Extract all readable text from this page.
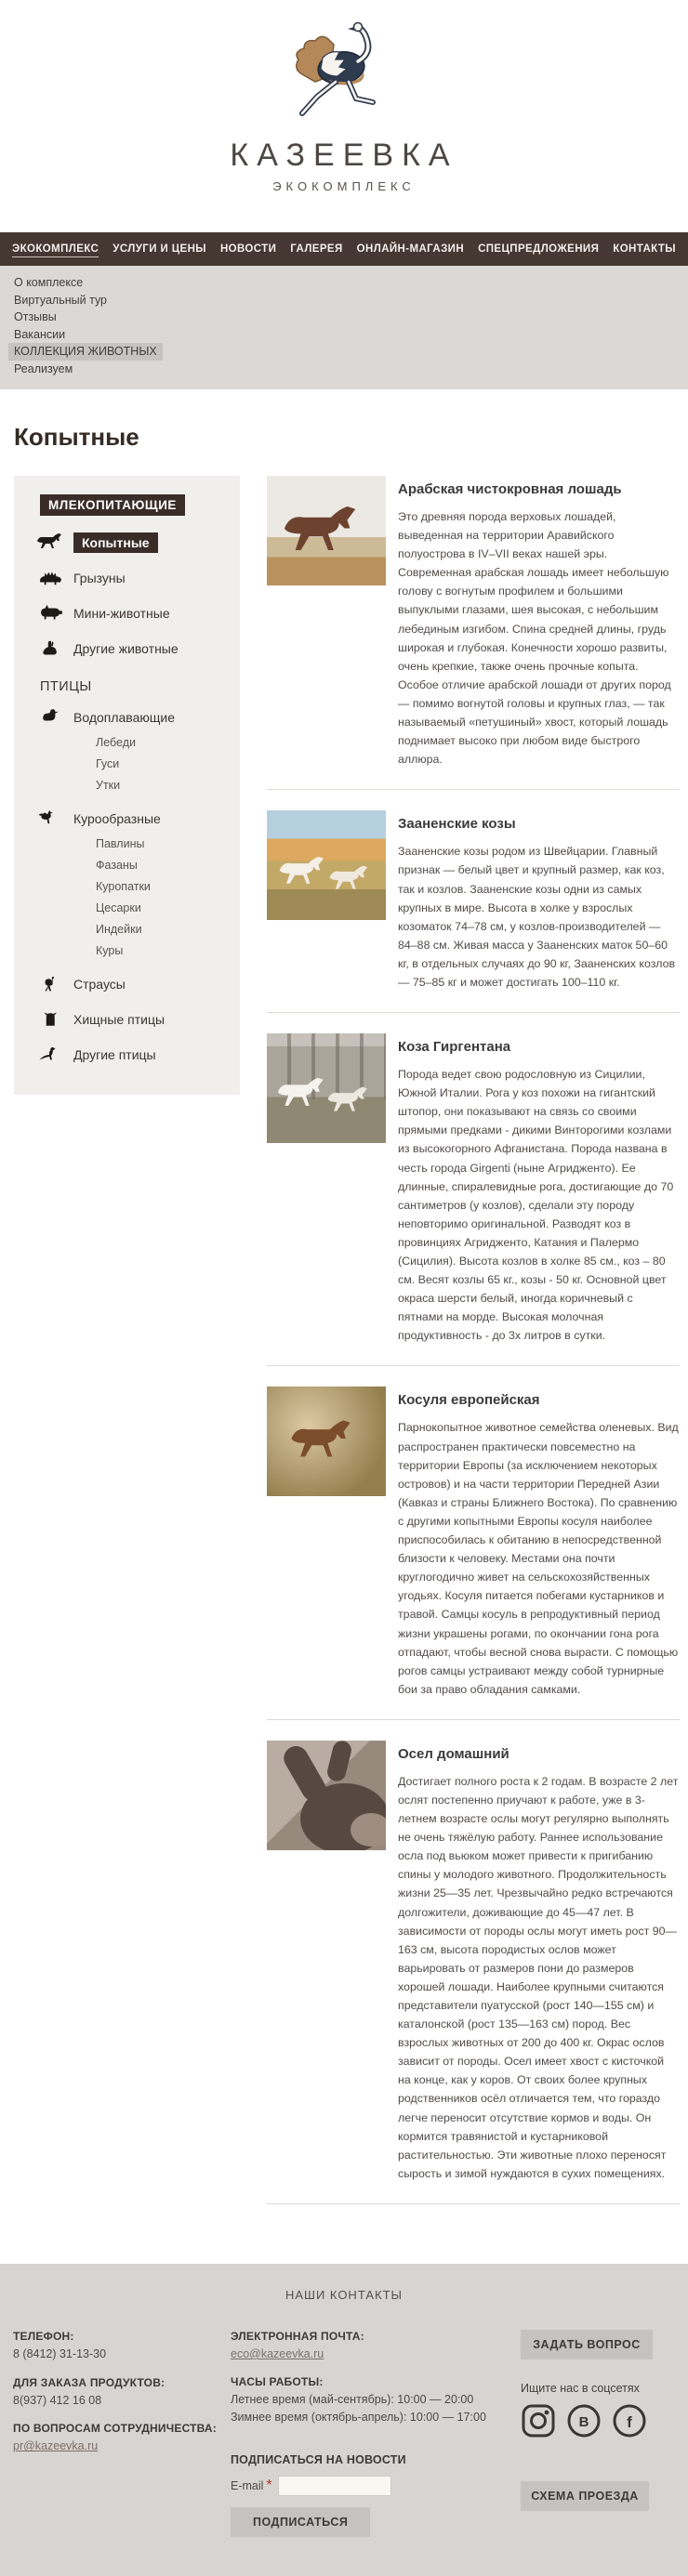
КАЗЕЕВКА
ЭКОКОМПЛЕКС
ЭКОКОМПЛЕКС УСЛУГИ И ЦЕНЫ НОВОСТИ ГАЛЕРЕЯ ОНЛАЙН-МАГАЗИН СПЕЦПРЕДЛОЖЕНИЯ КОНТАКТЫ
О комплексе
Виртуальный тур
Отзывы
Вакансии
КОЛЛЕКЦИЯ ЖИВОТНЫХ
Реализуем
Копытные
МЛЕКОПИТАЮЩИЕ
Копытные
Грызуны
Мини-животные
Другие животные
ПТИЦЫ
Водоплавающие
Лебеди
Гуси
Утки
Курообразные
Павлины
Фазаны
Куропатки
Цесарки
Индейки
Куры
Страусы
Хищные птицы
Другие птицы
Арабская чистокровная лошадь

Это древняя порода верховых лошадей, выведенная на территории Аравийского полуострова в IV–VII веках нашей эры. Современная арабская лошадь имеет небольшую голову с вогнутым профилем и большими выпуклыми глазами, шея высокая, с небольшим лебединым изгибом. Спина средней длины, грудь широкая и глубокая. Конечности хорошо развиты, очень крепкие, также очень прочные копыта. Особое отличие арабской лошади от других пород — помимо вогнутой головы и крупных глаз, — так называемый «петушиный» хвост, который лошадь поднимает высоко при любом виде быстрого аллюра.

Зааненские козы

Зааненские козы родом из Швейцарии. Главный признак — белый цвет и крупный размер, как коз, так и козлов. Зааненские козы одни из самых крупных в мире. Высота в холке у взрослых козоматок 74–78 см, у козлов-производителей — 84–88 см. Живая масса у Зааненских маток 50–60 кг, в отдельных случаях до 90 кг, Зааненских козлов — 75–85 кг и может достигать 100–110 кг.

Коза Гиргентана

Порода ведет свою родословную из Сицилии, Южной Италии. Рога у коз похожи на гигантский штопор, они показывают на связь со своими прямыми предками - дикими Винторогими козлами из высокогорного Афганистана. Порода названа в честь города Girgenti (ныне Агридженто). Ее длинные, спиралевидные рога, достигающие до 70 сантиметров (у козлов), сделали эту породу неповторимо оригинальной. Разводят коз в провинциях Агридженто, Катания и Палермо (Сицилия). Высота козлов в холке 85 см., коз – 80 см. Весят козлы 65 кг., козы - 50 кг. Основной цвет окраса шерсти белый, иногда коричневый с пятнами на морде. Высокая молочная продуктивность - до 3х литров в сутки.

Косуля европейская

Парнокопытное животное семейства оленевых. Вид распространен практически повсеместно на территории Европы (за исключением некоторых островов) и на части территории Передней Азии (Кавказ и страны Ближнего Востока). По сравнению с другими копытными Европы косуля наиболее приспособилась к обитанию в непосредственной близости к человеку. Местами она почти круглогодично живет на сельскохозяйственных угодьях. Косуля питается побегами кустарников и травой. Самцы косуль в репродуктивный период жизни украшены рогами, по окончании гона рога отпадают, чтобы весной снова вырасти. С помощью рогов самцы устраивают между собой турнирные бои за право обладания самками.

Осел домашний

Достигает полного роста к 2 годам. В возрасте 2 лет ослят постепенно приучают к работе, уже в 3-летнем возрасте ослы могут регулярно выполнять не очень тяжёлую работу. Раннее использование осла под вьюком может привести к пригибанию спины у молодого животного. Продолжительность жизни 25—35 лет. Чрезвычайно редко встречаются долгожители, доживающие до 45—47 лет. В зависимости от породы ослы могут иметь рост 90—163 см, высота породистых ослов может варьировать от размеров пони до размеров хорошей лошади. Наиболее крупными считаются представители пуатусской (рост 140—155 см) и каталонской (рост 135—163 см) пород. Вес взрослых животных от 200 до 400 кг. Окрас ослов зависит от породы. Осел имеет хвост с кисточкой на конце, как у коров. От своих более крупных родственников осёл отличается тем, что гораздо легче переносит отсутствие кормов и воды. Он кормится травянистой и кустарниковой растительностью. Эти животные плохо переносят сырость и зимой нуждаются в сухих помещениях.

НАШИ КОНТАКТЫ
ТЕЛЕФОН:
8 (8412) 31-13-30
ДЛЯ ЗАКАЗА ПРОДУКТОВ:
8(937) 412 16 08
ПО ВОПРОСАМ СОТРУДНИЧЕСТВА:
pr@kazeevka.ru
ЭЛЕКТРОННАЯ ПОЧТА:
eco@kazeevka.ru
ЧАСЫ РАБОТЫ:
Летнее время (май-сентябрь): 10:00 — 20:00
Зимнее время (октябрь-апрель): 10:00 — 17:00
ПОДПИСАТЬСЯ НА НОВОСТИ
E-mail *
ПОДПИСАТЬСЯ
ЗАДАТЬ ВОПРОС
Ищите нас в соцсетях
В f
СХЕМА ПРОЕЗДА
